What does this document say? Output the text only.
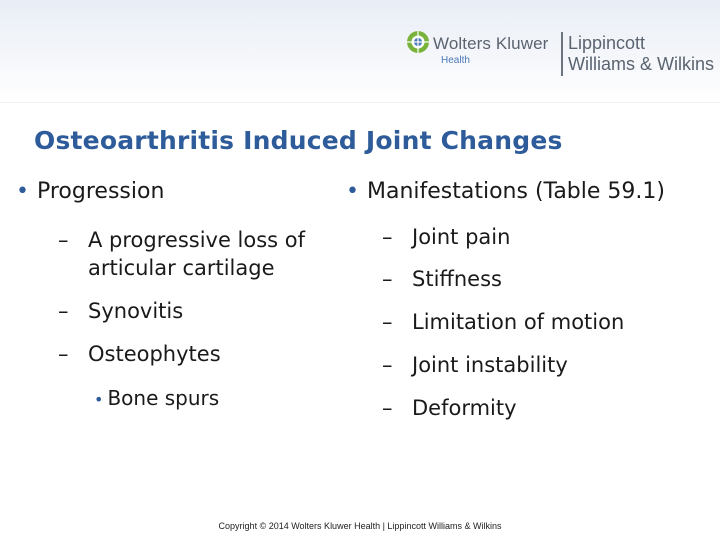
Wolters Kluwer
Health
Lippincott
Williams & Wilkins
Osteoarthritis Induced Joint Changes
• Progression
– A progressive loss of
articular cartilage
– Synovitis
– Osteophytes
• Bone spurs
• Manifestations (Table 59.1)
– Joint pain
– Stiffness
– Limitation of motion
– Joint instability
– Deformity
Copyright © 2014 Wolters Kluwer Health | Lippincott Williams & Wilkins
